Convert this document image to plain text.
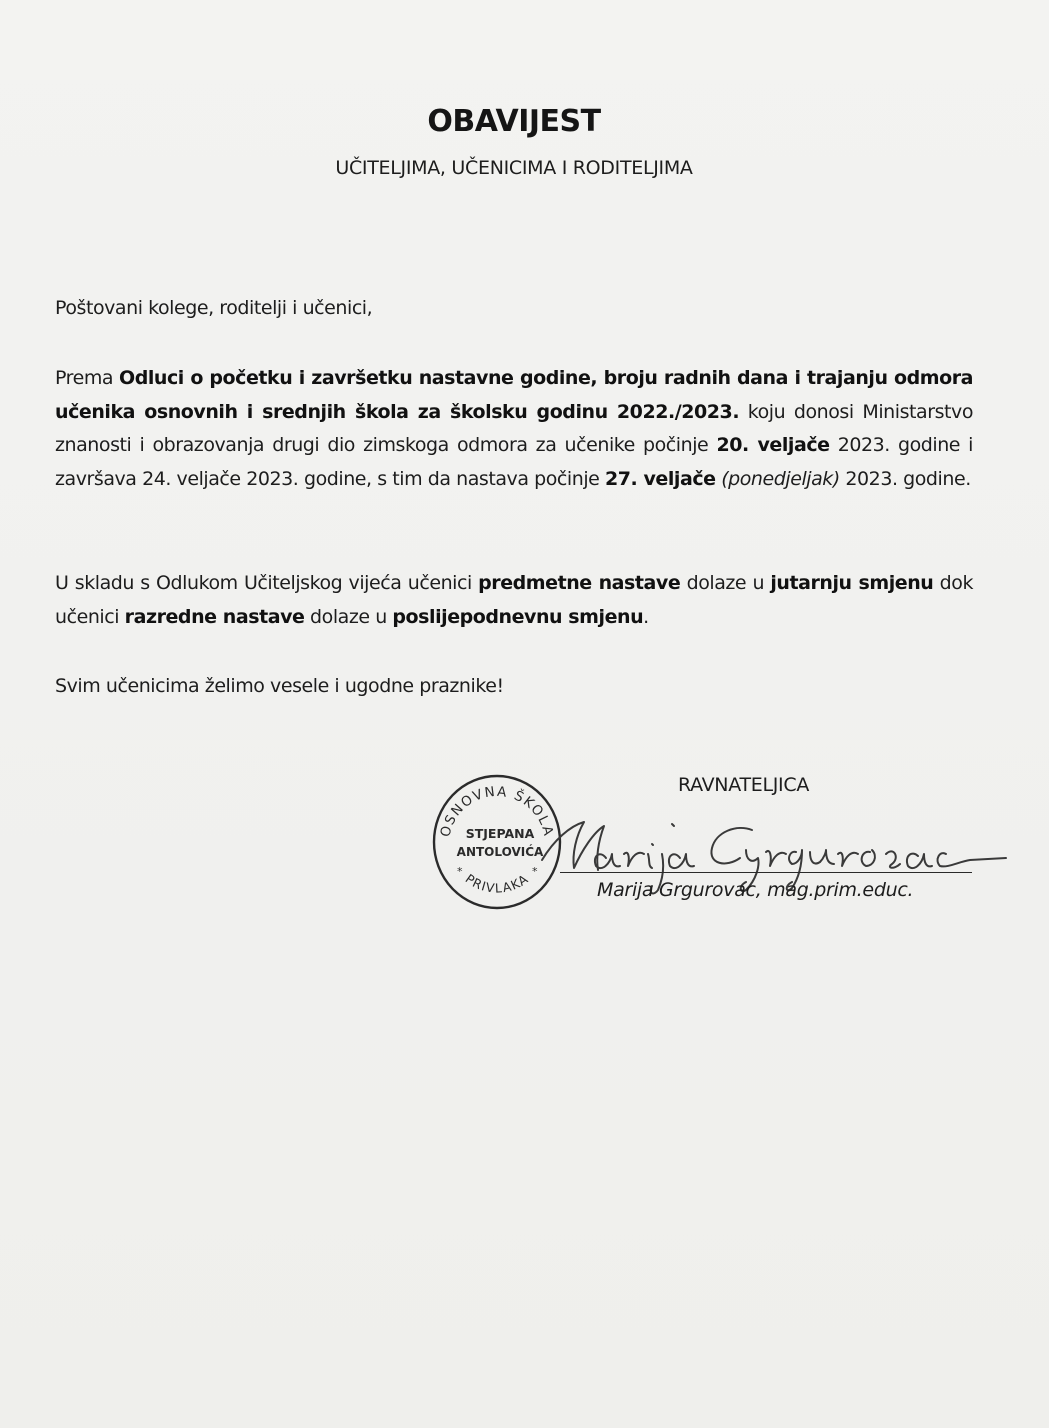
OBAVIJEST
UČITELJIMA, UČENICIMA I RODITELJIMA
Poštovani kolege, roditelji i učenici,
Prema Odluci o početku i završetku nastavne godine, broju radnih dana i trajanju odmora učenika osnovnih i srednjih škola za školsku godinu 2022./2023. koju donosi Ministarstvo znanosti i obrazovanja drugi dio zimskoga odmora za učenike počinje 20. veljače 2023. godine i završava 24. veljače 2023. godine, s tim da nastava počinje 27. veljače (ponedjeljak) 2023. godine.
U skladu s Odlukom Učiteljskog vijeća učenici predmetne nastave dolaze u jutarnju smjenu dok učenici razredne nastave dolaze u poslijepodnevnu smjenu.
Svim učenicima želimo vesele i ugodne praznike!
RAVNATELJICA
OSNOVNA ŠKOLA
STJEPANA
ANTOLOVIĆA
PRIVLAKA
*	*
Marija Grgurovac, mag.prim.educ.
